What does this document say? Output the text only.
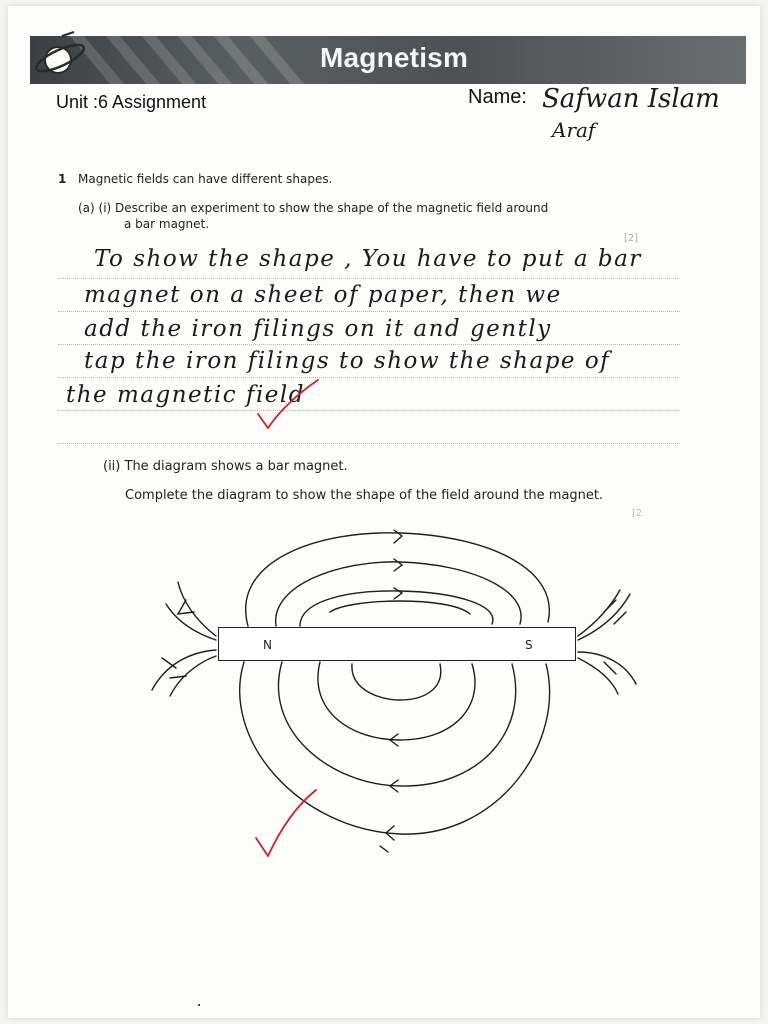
Magnetism
Unit :6 Assignment	Name: Safwan Islam
Araf
1 Magnetic fields can have different shapes.
(a) (i) Describe an experiment to show the shape of the magnetic field around
a bar magnet.
[2]
To show the shape , You have to put a bar
magnet on a sheet of paper, then we
add the iron filings on it and gently
tap the iron filings to show the shape of
the magnetic field
(ii) The diagram shows a bar magnet.
Complete the diagram to show the shape of the field around the magnet.
[2
N	S
